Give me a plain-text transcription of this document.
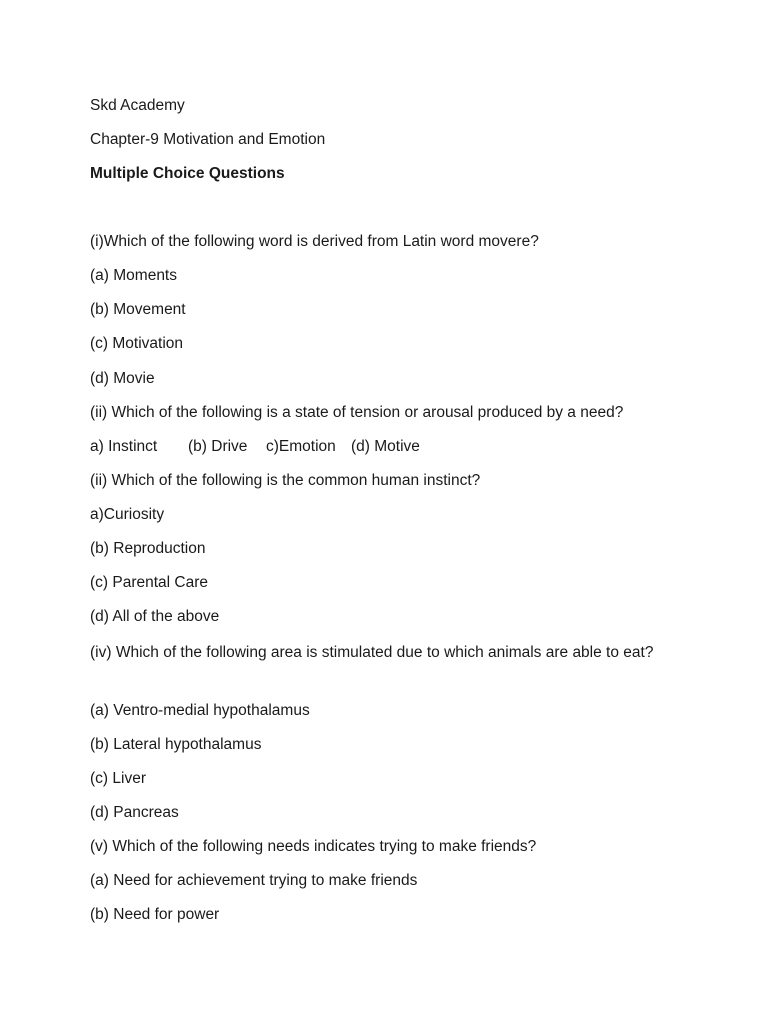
Skd Academy
Chapter-9 Motivation and Emotion
Multiple Choice Questions
(i)Which of the following word is derived from Latin word movere?
(a) Moments
(b) Movement
(c) Motivation
(d) Movie
(ii) Which of the following is a state of tension or arousal produced by a need?
a) Instinct (b) Drive c)Emotion (d) Motive
(ii) Which of the following is the common human instinct?
a)Curiosity
(b) Reproduction
(c) Parental Care
(d) All of the above
(iv) Which of the following area is stimulated due to which animals are able to eat?
(a) Ventro-medial hypothalamus
(b) Lateral hypothalamus
(c) Liver
(d) Pancreas
(v) Which of the following needs indicates trying to make friends?
(a) Need for achievement trying to make friends
(b) Need for power
